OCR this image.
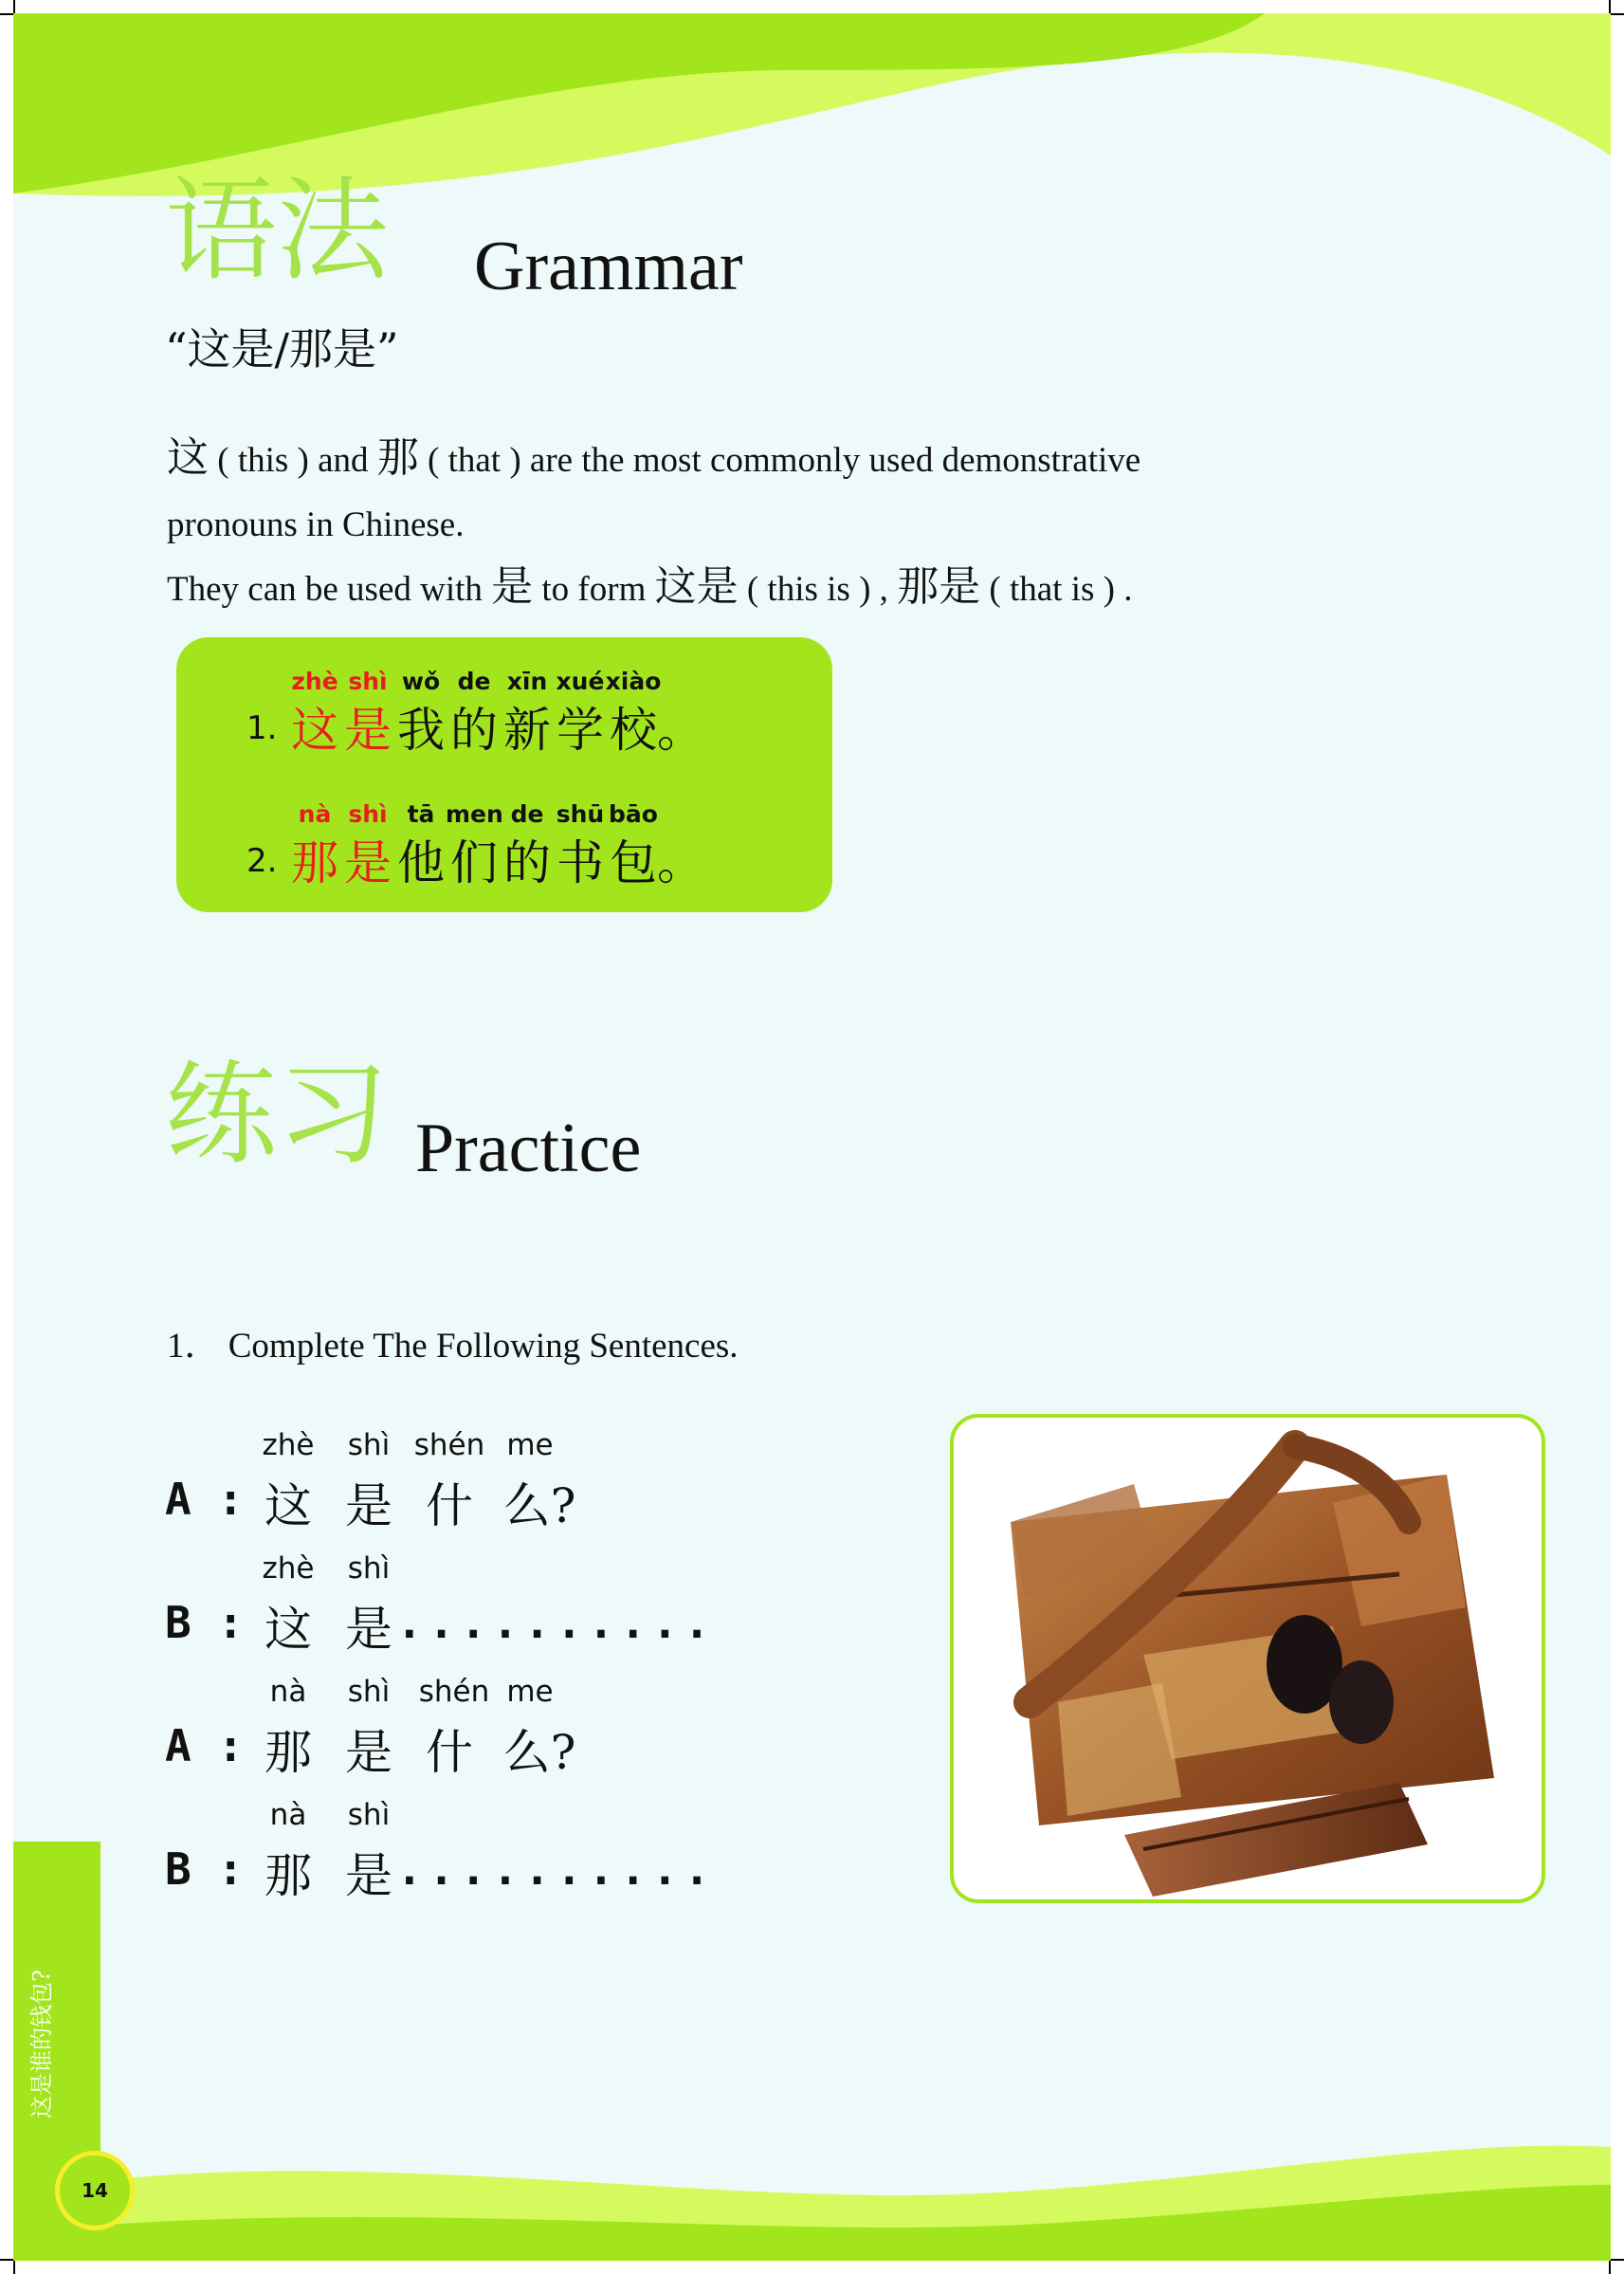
语法 Grammar
“这是/那是”
这 ( this ) and 那 ( that ) are the most commonly used demonstrative
pronouns in Chinese.
They can be used with 是 to form 这是 ( this is ) , 那是 ( that is ) .
1.
zhè shì wǒ de xīn xué xiào
这 是 我 的 新 学 校 。
2.
nà shì tā men de shū bāo
那 是 他 们 的 书 包 。
练习 Practice
1． Complete The Following Sentences.
zhè	shì shén me
A : 这 是 什 么?
zhè	shì
B : 这 是 ..........
nà	shì shén me
A : 那 是 什 么?
nà	shì
B : 那 是 ..........
这是谁的钱包?
14
